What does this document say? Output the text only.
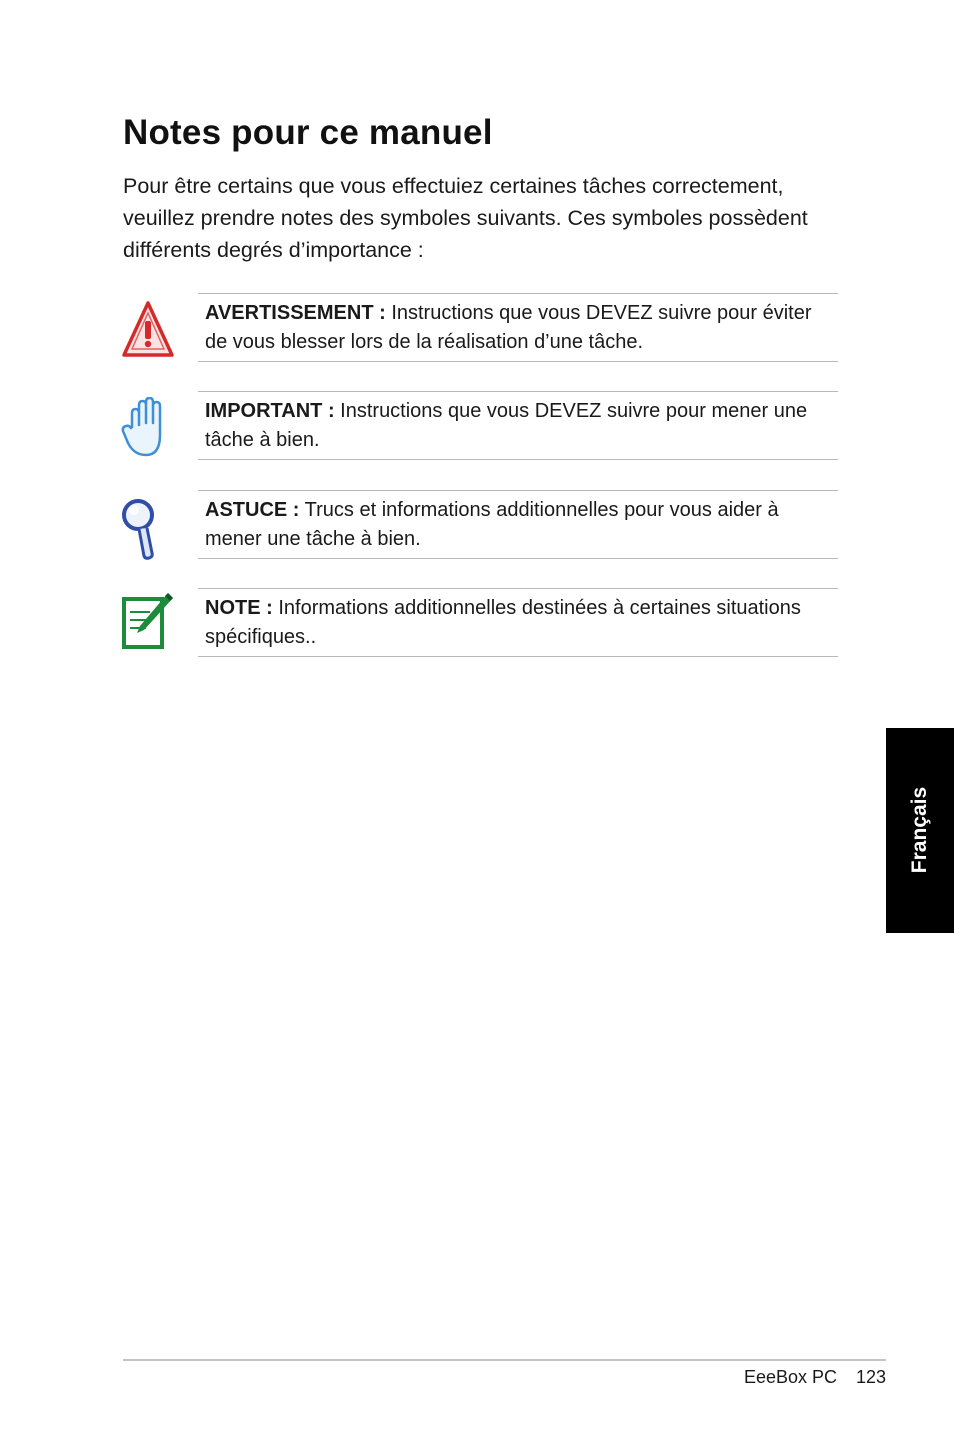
Notes pour ce manuel

Pour être certains que vous effectuiez certaines tâches correctement, veuillez prendre notes des symboles suivants. Ces symboles possèdent différents degrés d’importance :

AVERTISSEMENT : Instructions que vous DEVEZ suivre pour éviter de vous blesser lors de la réalisation d’une tâche.

IMPORTANT : Instructions que vous DEVEZ suivre pour mener une tâche à bien.

ASTUCE : Trucs et informations additionnelles pour vous aider à mener une tâche à bien.

NOTE : Informations additionnelles destinées à certaines situations spécifiques..

Français
EeeBox PC 123
